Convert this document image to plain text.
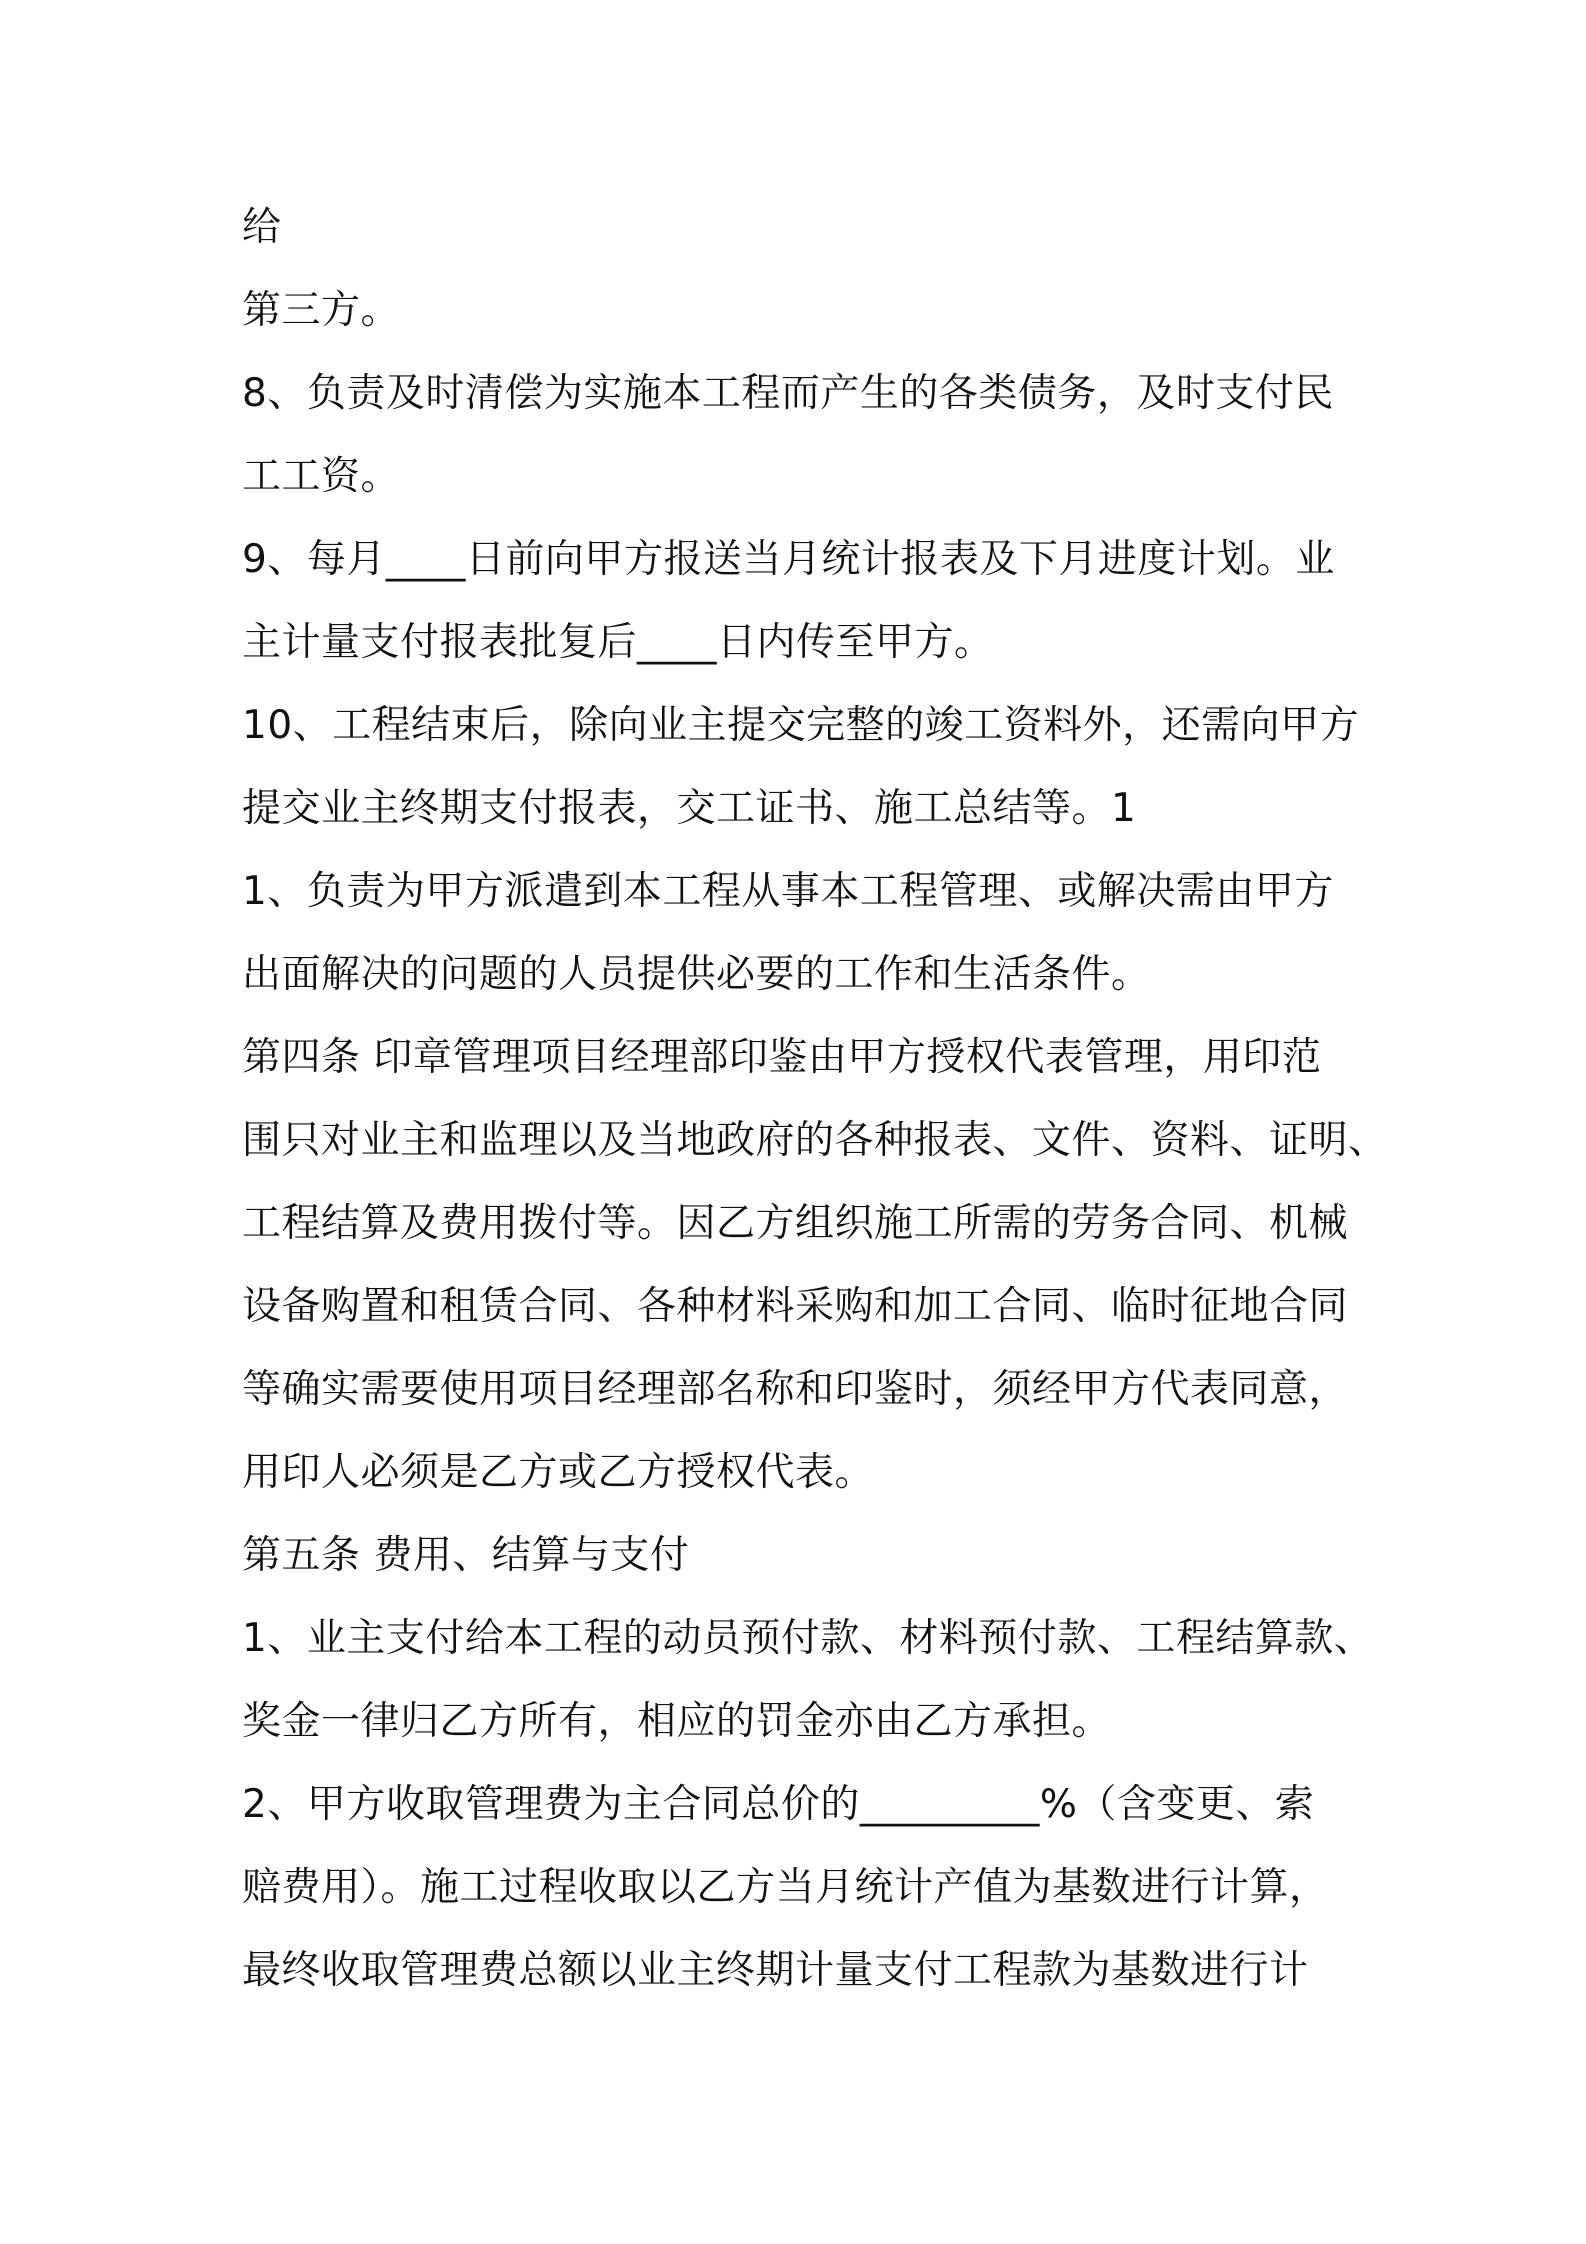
给
第三方。
8、负责及时清偿为实施本工程而产生的各类债务，及时支付民
工工资。
9、每月____日前向甲方报送当月统计报表及下月进度计划。业
主计量支付报表批复后____日内传至甲方。
10、工程结束后，除向业主提交完整的竣工资料外，还需向甲方
提交业主终期支付报表，交工证书、施工总结等。1
1、负责为甲方派遣到本工程从事本工程管理、或解决需由甲方
出面解决的问题的人员提供必要的工作和生活条件。
第四条 印章管理项目经理部印鉴由甲方授权代表管理，用印范
围只对业主和监理以及当地政府的各种报表、文件、资料、证明、
工程结算及费用拨付等。因乙方组织施工所需的劳务合同、机械
设备购置和租赁合同、各种材料采购和加工合同、临时征地合同
等确实需要使用项目经理部名称和印鉴时，须经甲方代表同意，
用印人必须是乙方或乙方授权代表。
第五条 费用、结算与支付
1、业主支付给本工程的动员预付款、材料预付款、工程结算款、
奖金一律归乙方所有，相应的罚金亦由乙方承担。
2、甲方收取管理费为主合同总价的_________%（含变更、索
赔费用）。施工过程收取以乙方当月统计产值为基数进行计算，
最终收取管理费总额以业主终期计量支付工程款为基数进行计
